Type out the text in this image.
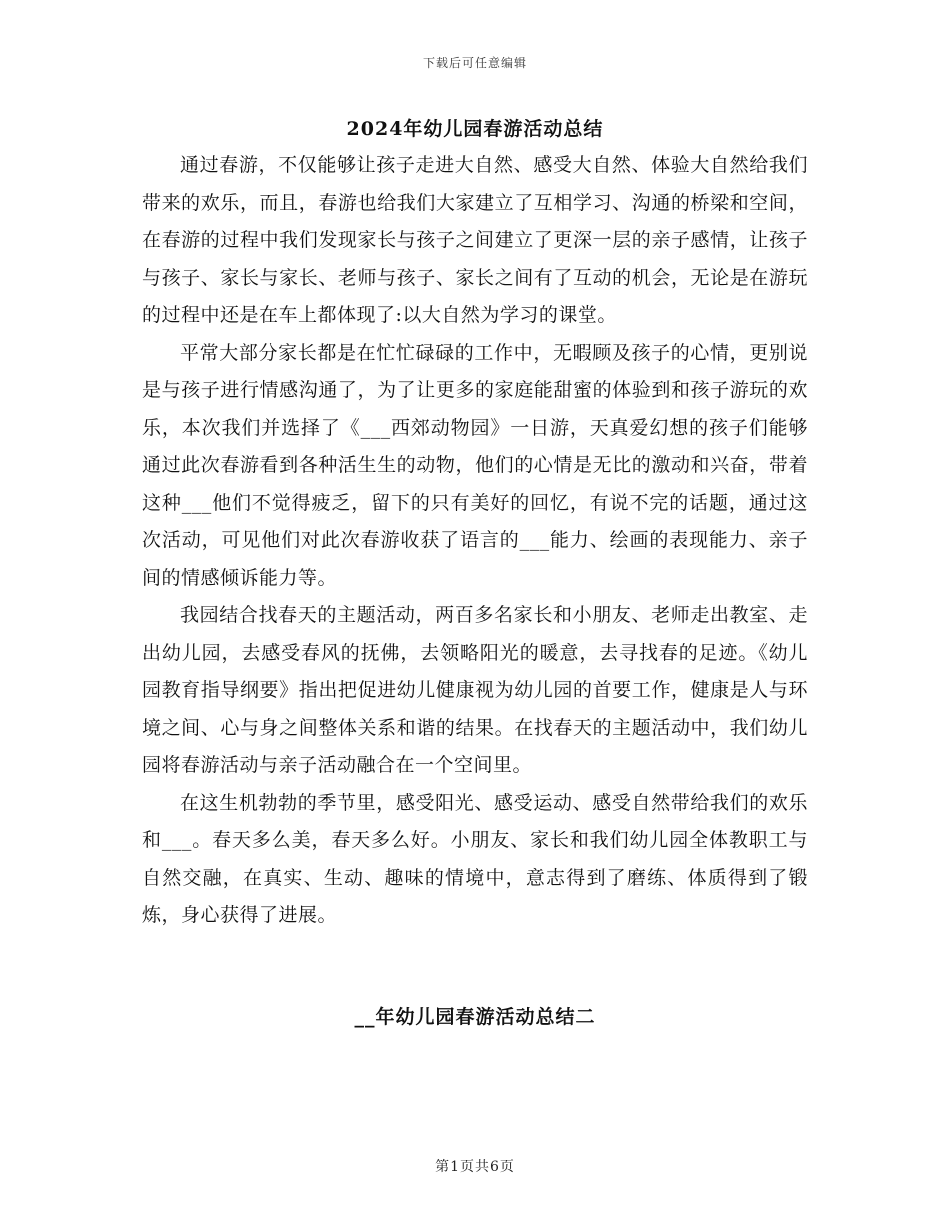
下载后可任意编辑
2024年幼儿园春游活动总结

通过春游，不仅能够让孩子走进大自然、感受大自然、体验大自然给我们带来的欢乐，而且，春游也给我们大家建立了互相学习、沟通的桥梁和空间，在春游的过程中我们发现家长与孩子之间建立了更深一层的亲子感情，让孩子与孩子、家长与家长、老师与孩子、家长之间有了互动的机会，无论是在游玩的过程中还是在车上都体现了:以大自然为学习的课堂。

平常大部分家长都是在忙忙碌碌的工作中，无暇顾及孩子的心情，更别说是与孩子进行情感沟通了，为了让更多的家庭能甜蜜的体验到和孩子游玩的欢乐，本次我们并选择了《___西郊动物园》一日游，天真爱幻想的孩子们能够通过此次春游看到各种活生生的动物，他们的心情是无比的激动和兴奋，带着这种___他们不觉得疲乏，留下的只有美好的回忆，有说不完的话题，通过这次活动，可见他们对此次春游收获了语言的___能力、绘画的表现能力、亲子间的情感倾诉能力等。

我园结合找春天的主题活动，两百多名家长和小朋友、老师走出教室、走出幼儿园，去感受春风的抚佛，去领略阳光的暖意，去寻找春的足迹。《幼儿园教育指导纲要》指出把促进幼儿健康视为幼儿园的首要工作，健康是人与环境之间、心与身之间整体关系和谐的结果。在找春天的主题活动中，我们幼儿园将春游活动与亲子活动融合在一个空间里。

在这生机勃勃的季节里，感受阳光、感受运动、感受自然带给我们的欢乐和___。春天多么美，春天多么好。小朋友、家长和我们幼儿园全体教职工与自然交融，在真实、生动、趣味的情境中，意志得到了磨练、体质得到了锻炼，身心获得了进展。

__年幼儿园春游活动总结二
第1页共6页
